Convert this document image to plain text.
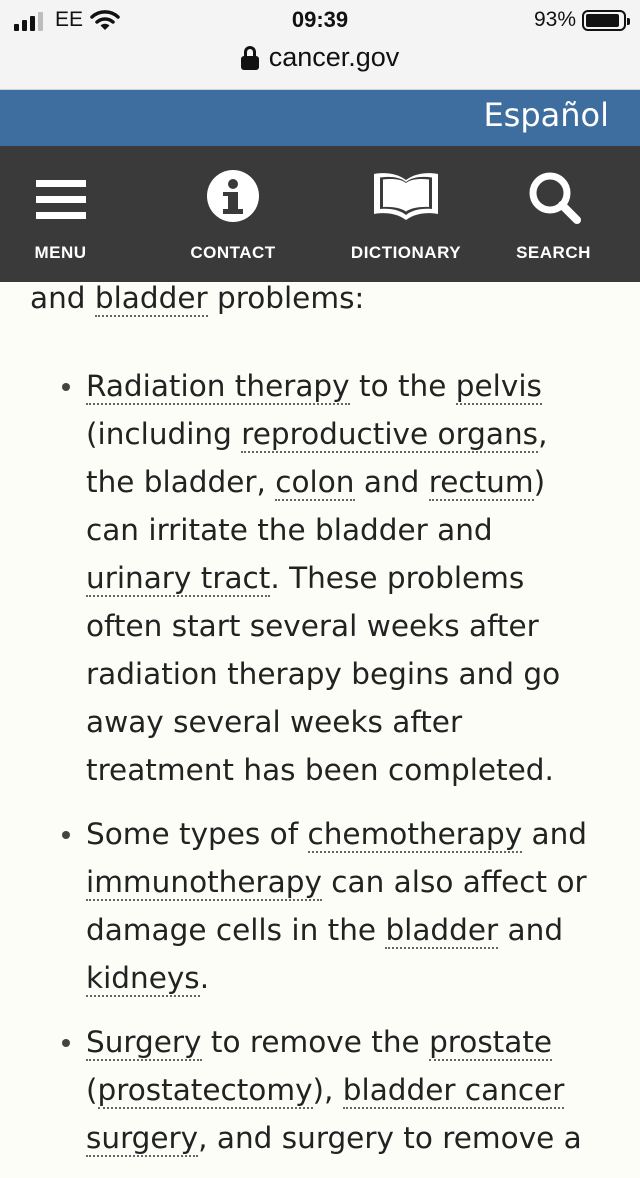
EE	09:39	93%
cancer.gov
Español
MENU	CONTACT	DICTIONARY	SEARCH

and bladder problems:

Radiation therapy to the pelvis
(including reproductive organs,
the bladder, colon and rectum)
can irritate the bladder and
urinary tract. These problems
often start several weeks after
radiation therapy begins and go
away several weeks after
treatment has been completed.
Some types of chemotherapy and
immunotherapy can also affect or
damage cells in the bladder and
kidneys.
Surgery to remove the prostate
(prostatectomy), bladder cancer
surgery, and surgery to remove a
